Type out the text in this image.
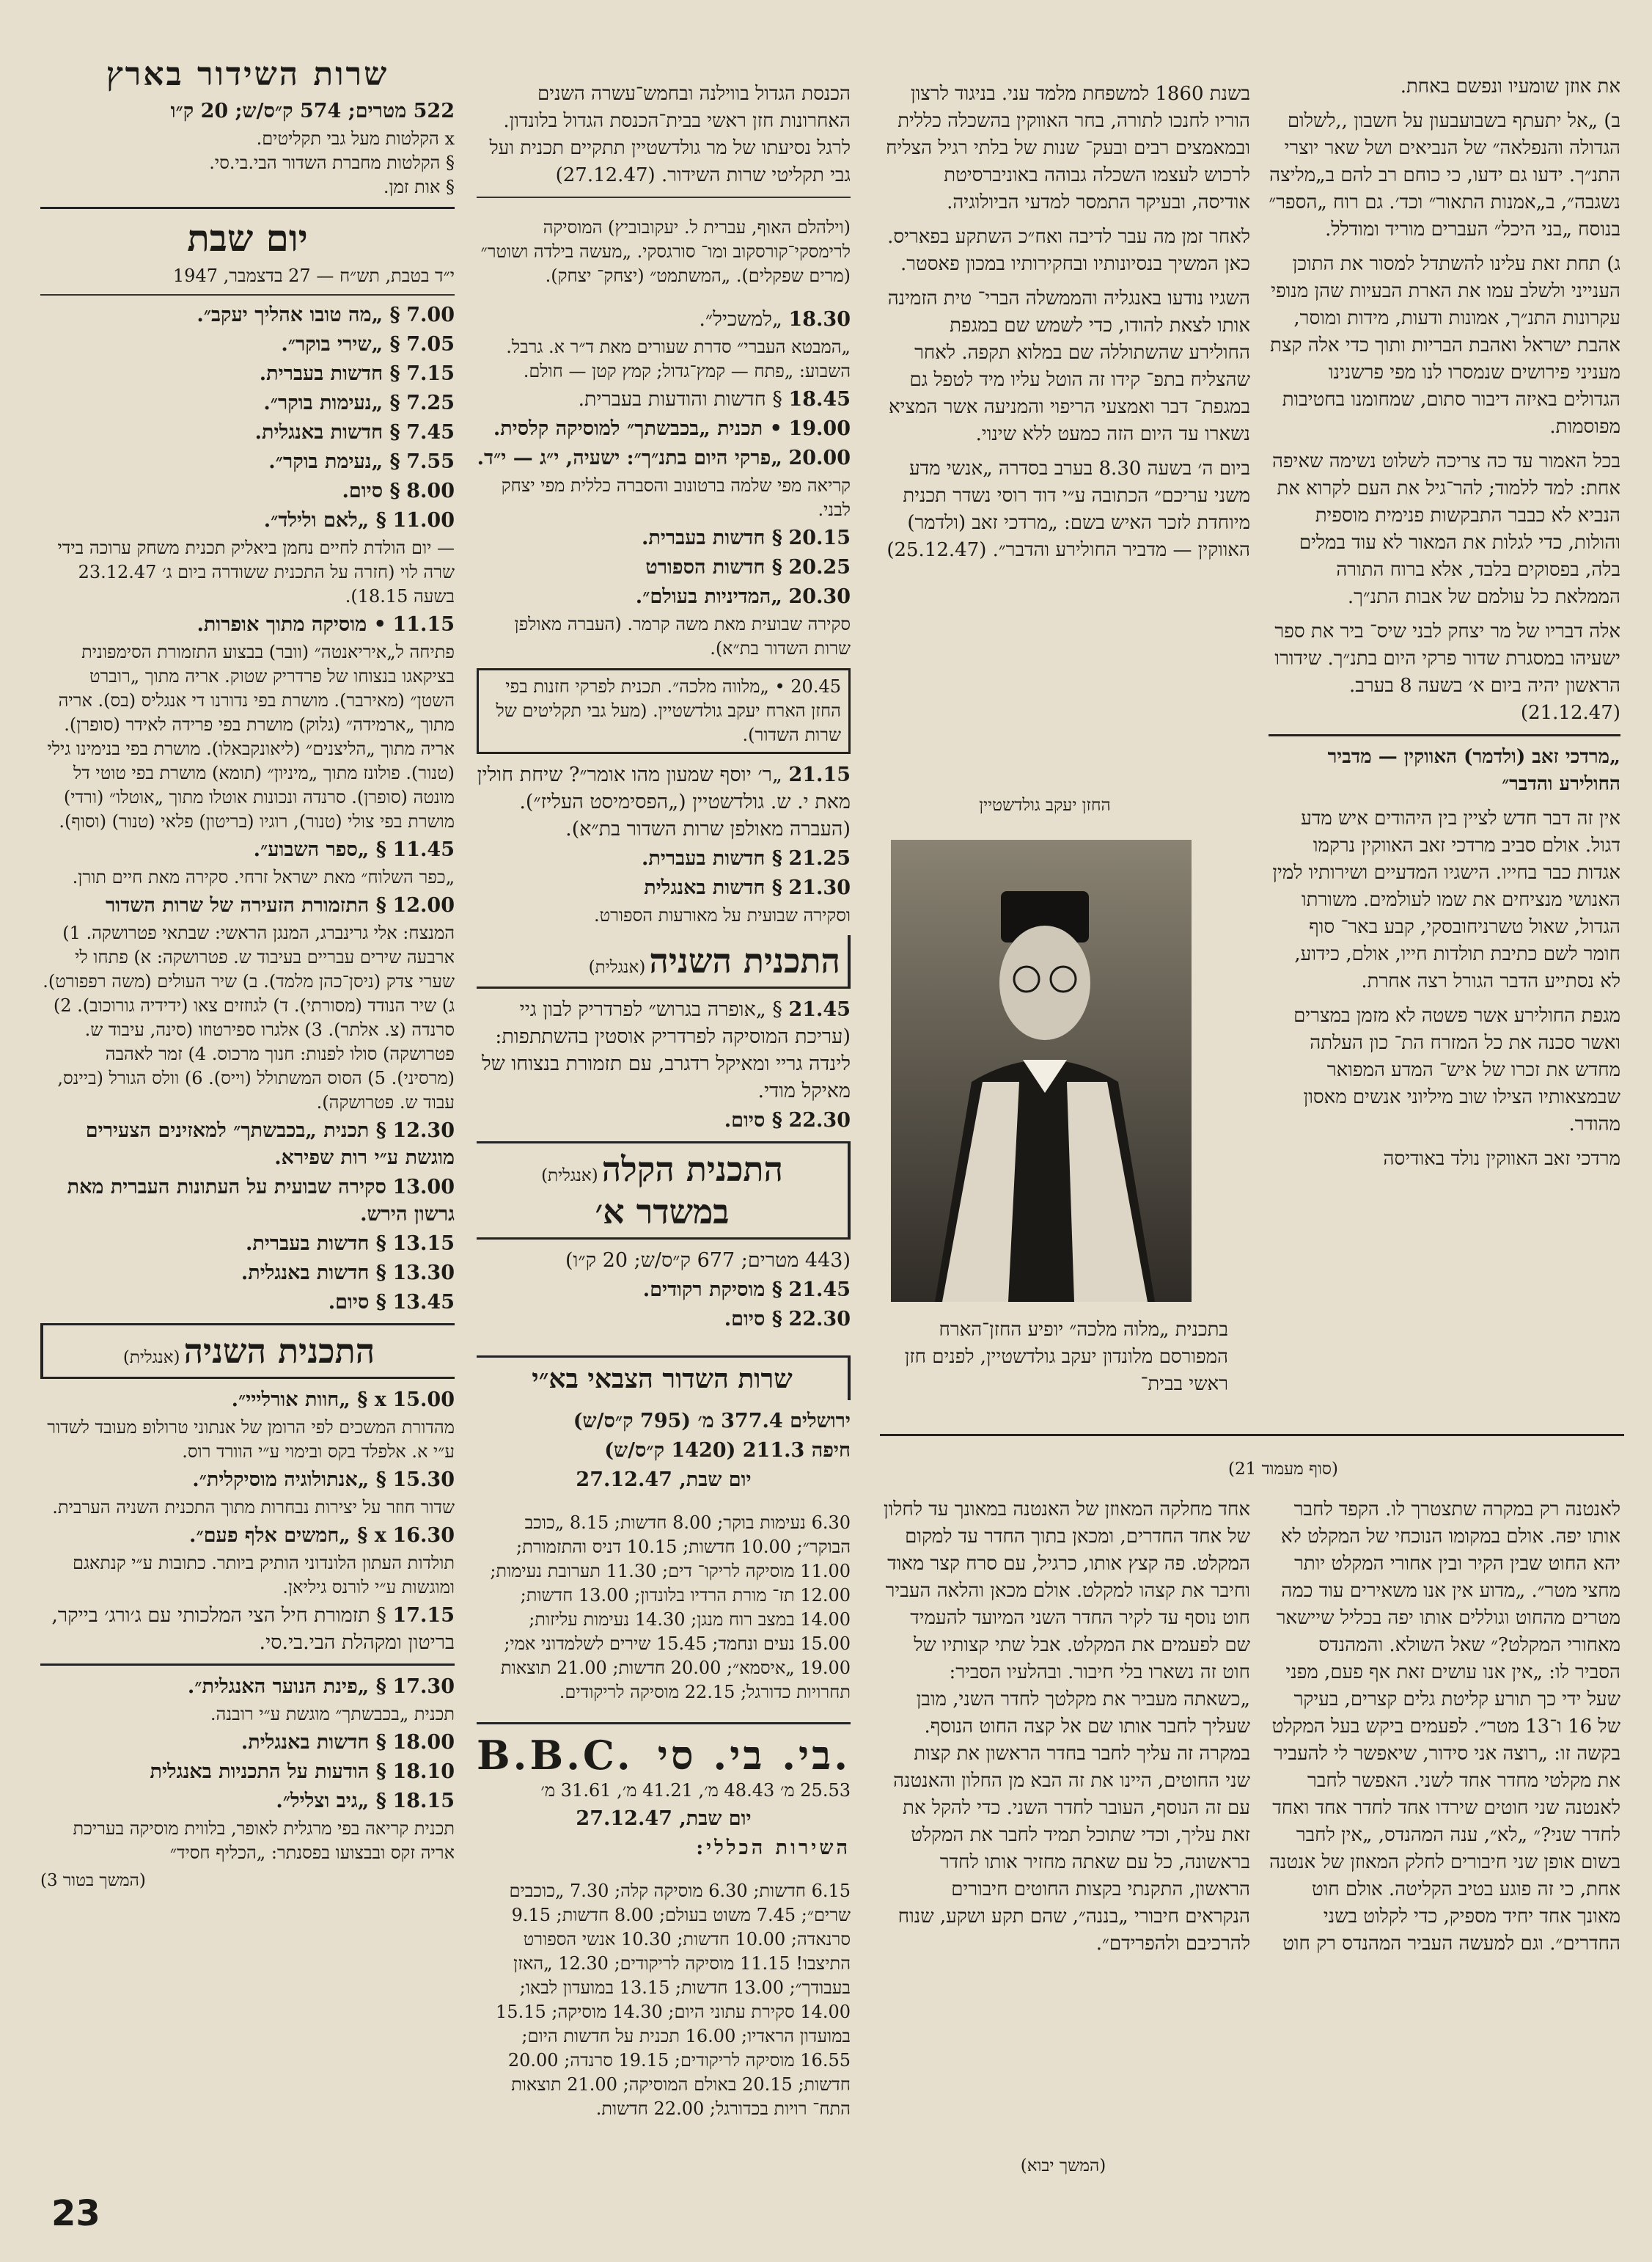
את אוזן שומעיו ונפשם באחת.

ב) „אל יתעתף בשבועבעון על חשבון ,,לשלום הגדולה והנפלאה״ של הנביאים ושל שאר יוצרי התנ״ך. ידעו גם ידעו, כי כוחם רב להם ב„מליצה נשגבה״, ב„אמנות התאור״ וכד׳. גם רוח „הספר״ בנוסח „בני היכל״ העברים מוריד ומודלל.

ג) תחת זאת עלינו להשתדל למסור את התוכן הענייני ולשלב עמו את הארת הבעיות שהן מנופי עקרונות התנ״ך, אמונות ודעות, מידות ומוסר, אהבת ישראל ואהבת הבריות ותוך כדי אלה קצת מעניני פירושים שנמסרו לנו מפי פרשנינו הגדולים באיזה דיבור סתום, שמחומנו בחטיבות מפוסמות.

בכל האמור עד כה צריכה לשלוט נשימה שאיפה אחת: למד ללמוד; להר־גיל את העם לקרוא את הנביא לא כבבר התבקשות פנימית מוספית והולות, כדי לגלות את המאור לא עוד במלים בלה, בפסוקים בלבד, אלא ברוח התורה הממלאת כל עולמם של אבות התנ״ך.

אלה דבריו של מר יצחק לבני שיס־ ביר את ספר ישעיהו במסגרת שדור פרקי היום בתנ״ך. שידורו הראשון יהיה ביום א׳ בשעה 8 בערב. (21.12.47)

„מרדכי זאב (ולדמר) האווקין — מדביר החולירע והדבר״

אין זה דבר חדש לציין בין היהודים איש מדע דגול. אולם סביב מרדכי זאב האווקין נרקמו אגדות כבר בחייו. הישגיו המדעיים ושירותיו למין האנושי מנציחים את שמו לעולמים. משורתו הגדול, שאול טשרניחובסקי, קבע באר־ סוף חומר לשם כתיבת תולדות חייו, אולם, כידוע, לא נסתייע הדבר הגורל רצה אחרת.

מגפת החולירע אשר פשטה לא מזמן במצרים ואשר סכנה את כל המזרח הת־ כון העלתה מחדש את זכרו של איש־ המדע המפואר שבמצאותיו הצילו שוב מיליוני אנשים מאסון מהודר.

מרדכי זאב האווקין נולד באודיסה

בשנת 1860 למשפחת מלמד עני. בניגוד לרצון הוריו לחנכו לתורה, בחר האווקין בהשכלה כללית ובמאמצים רבים ובעק־ שנות של בלתי רגיל הצליח לרכוש לעצמו השכלה גבוהה באוניברסיטת אודיסה, ובעיקר התמסר למדעי הביולוגיה.

לאחר זמן מה עבר לדיבה ואח״כ השתקע בפאריס. כאן המשיך בנסיונותיו ובחקירותיו במכון פאסטר.

השגיו נודעו באנגליה והממשלה הברי־ טית הזמינה אותו לצאת להודו, כדי לשמש שם במגפת החולירע שהשתוללה שם במלוא תקפה. לאחר שהצליח בתפ־ קידו זה הוטל עליו מיד לטפל גם במגפת־ דבר ואמצעי הריפוי והמניעה אשר המציא נשארו עד היום הזה כמעט ללא שינוי.

ביום ה׳ בשעה 8.30 בערב בסדרה „אנשי מדע משני עריכם״ הכתובה ע״י דוד רוסי נשדר תכנית מיוחדת לזכר האיש בשם: „מרדכי זאב (ולדמר) האווקין — מדביר החולירע והדבר״. (25.12.47)

החזן יעקב גולדשטיין

בתכנית „מלוה מלכה״ יופיע החזן־הארח המפורסם מלונדון יעקב גולדשטיין, לפנים חזן ראשי בבית־

הכנסת הגדול בווילנה ובחמש־עשרה השנים האחרונות חזן ראשי בבית־הכנסת הגדול בלונדון. לרגל נסיעתו של מר גולדשטיין תתקיים תכנית ועל גבי תקליטי שרות השידור. (27.12.47)

(וילהלם האוף, עברית ל. יעקובוביץ) המוסיקה לרימסקי־קורסקוב ומו־ סורגסקי. „מעשה בילדה ושוטר״ (מרים שפקלים). „המשתמט״ (יצחק־ יצחק).

18.30 „למשכיל״.
„המבטא העברי״ סדרת שעורים מאת ד״ר א. גרבל. השבוע: „פתח — קמץ־גדול; קמץ קטן — חולם.
18.45 § חדשות והודעות בעברית.
19.00 • תכנית „בכבשתך״ למוסיקה קלסית.
20.00 „פרקי היום בתנ״ך״: ישעיה, י״ג — י״ד.
קריאה מפי שלמה ברטונוב והסברה כללית מפי יצחק לבני.
20.15 § חדשות בעברית.
20.25 § חדשות הספורט
20.30 „המדיניות בעולם״.
סקירה שבועית מאת משה קרמר. (העברה מאולפן שרות השדור בת״א).
20.45 • „מלווה מלכה״. תכנית לפרקי חזנות בפי החזן הארח יעקב גולדשטיין. (מעל גבי תקליטים של שרות השדור).
21.15 „ר׳ יוסף שמעון מהו אומר״? שיחת חולין מאת י. ש. גולדשטיין („הפסימיסט העליז״). (העברה מאולפן שרות השדור בת״א).
21.25 § חדשות בעברית.
21.30 § חדשות באנגלית
וסקירה שבועית על מאורעות הספורט.
התכנית השניה (אנגלית)
21.45 § „אופרה בגרוש״ לפרדריק לבון גיי (עריכת המוסיקה לפרדריק אוסטין בהשתתפות: לינדה גריי ומאיקל רדגרב, עם תזמורת בנצוחו של מאיקל מודי.
22.30 § סיום.
התכנית הקלה (אנגלית)
במשדר א׳
(443 מטרים; 677 ק״ס/ש; 20 ק״ו)
21.45 § מוסיקת רקודים.
22.30 § סיום.
שרות השדור הצבאי בא״י
ירושלים 377.4 מ׳ (795 ק״ס/ש)
חיפה 211.3 (1420 ק״ס/ש)
יום שבת, 27.12.47

6.30 נעימות בוקר; 8.00 חדשות; 8.15 „כוכב הבוקר״; 10.00 חדשות; 10.15 דניס והתזמורת; 11.00 מוסיקה לריקו־ דים; 11.30 תערובת נעימות; 12.00 תז־ מורת הרדיו בלונדון; 13.00 חדשות; 14.00 במצב רוח מנגן; 14.30 נעימות עליזות; 15.00 נעים ונחמד; 15.45 שירים לשלמדוני אמי; 19.00 „איסמא״; 20.00 חדשות; 21.00 תוצאות תחרויות כדורגל; 22.15 מוסיקה לריקודים.

בי. בי. סי.
B.B.C.
25.53 מ׳ 48.43 מ׳, 41.21 מ׳, 31.61 מ׳
יום שבת, 27.12.47
השירות הכללי:

6.15 חדשות; 6.30 מוסיקה קלה; 7.30 „כוכבים שרים״; 7.45 משוט בעולם; 8.00 חדשות; 9.15 סרנאדה; 10.00 חדשות; 10.30 אנשי הספורט התיצבו! 11.15 מוסיקה לריקודים; 12.30 „האזן בעבודך״; 13.00 חדשות; 13.15 במועדון לבאו; 14.00 סקירת עתוני היום; 14.30 מוסיקה; 15.15 במועדון הראדיו; 16.00 תכנית על חדשות היום; 16.55 מוסיקה לריקודים; 19.15 סרנדה; 20.00 חדשות; 20.15 באולם המוסיקה; 21.00 תוצאות התח־ רויות בכדורגל; 22.00 חדשות.

שרות השידור בארץ
522 מטרים; 574 ק״ס/ש; 20 ק״ו
x הקלטות מעל גבי תקליטים.
§ הקלטות מחברת השדור הבי.בי.סי.
§ אות זמן.
יום שבת
י״ד בטבת, תש״ח — 27 בדצמבר, 1947
7.00 § „מה טובו אהליך יעקב״.
7.05 § „שירי בוקר״.
7.15 § חדשות בעברית.
7.25 § „נעימות בוקר״.
7.45 § חדשות באנגלית.
7.55 § „נעימת בוקר״.
8.00 § סיום.
11.00 § „לאם ולילד״.
— יום הולדת לחיים נחמן ביאליק תכנית משחק ערוכה בידי שרה לוי (חזרה על התכנית ששודרה ביום ג׳ 23.12.47 בשעה 18.15).
11.15 • מוסיקה מתוך אופרות.
פתיחה ל„איריאנטה״ (וובר) בבצוע התזמורת הסימפונית בציקאגו בנצוחו של פרדריק שטוק. אריה מתוך „רוברט השטן״ (מאירבר). מושרת בפי נדורנו די אנגליס (בס). אריה מתוך „ארמידה״ (גלוק) מושרת בפי פרידה לאידר (סופרן). אריה מתוך „הליצנים״ (ליאונקבאלו). מושרת בפי בנימינו גילי (טנור). פולונז מתוך „מיניון״ (תומא) מושרת בפי טוטי דל מונטה (סופרן). סרנדה ונכונות אוטלו מתוך „אוטלו״ (ורדי) מושרת בפי צולי (טנור), רוגיו (בריטון) פלאי (טנור) (וסוף).
11.45 § „ספר השבוע״.
„כפר השלוח״ מאת ישראל זרחי. סקירה מאת חיים תורן.
12.00 § התזמורת הזעירה של שרות השדור
המנצח: אלי גרינברג, המנגן הראשי: שבתאי פטרושקה. 1) ארבעה שירים עבריים בעיבוד ש. פטרושקה: א) פתחו לי שערי צדק (ניסן־כהן מלמד). ב) שיר העולים (משה רפפורט). ג) שיר הנודד (מסורתי). ד) לגוזזים צאו (ידידיה גורוכוב). 2) סרנדה (צ. אלתר). 3) אלגרו ספירטוזו (סינה, עיבוד ש. פטרושקה) סולו לפנות: חנוך מרכוס. 4) זמר לאהבה (מרסיני). 5) הסוס המשתולל (וייס). 6) וולס הגורל (ביינס, עבוד ש. פטרושקה).
12.30 § תכנית „בכבשתך״ למאזינים הצעירים מוגשת ע״י רות שפירא.
13.00 סקירה שבועית על העתונות העברית מאת גרשון הירש.
13.15 § חדשות בעברית.
13.30 § חדשות באנגלית.
13.45 § סיום.
התכנית השניה (אנגלית)
15.00 x § „חוות אורלייי״.
מהדורת המשכים לפי הרומן של אנתוני טרולופ מעובד לשדור ע״י א. אלפלד בקס ובימוי ע״י הוורד רוס.
15.30 § „אנתולוגיה מוסיקלית״.
שדור חוזר על יצירות נבחרות מתוך התכנית השניה הערבית.
16.30 x § „חמשים אלף פעם״.
תולדות העתון הלונדוני הותיק ביותר. כתובות ע״י קנתאגם ומוגשות ע״י לורנס גיליאן.
17.15 § תזמורת חיל הצי המלכותי עם ג׳ורג׳ בייקר, בריטון ומקהלת הבי.בי.סי.
17.30 § „פינת הנוער האנגלית״.
תכנית „בכבשתך״ מוגשת ע״י רובנה.
18.00 § חדשות באנגלית.
18.10 § הודעות על התכניות באנגלית
18.15 § „גיב וצליל״.
תכנית קריאה בפי מרגלית לאופר, בלווית מוסיקה בעריכת אריה זקס ובבצועו בפסנתר: „הכליף חסיד״
(המשך בטור 3)
(סוף מעמוד 21)

לאנטנה רק במקרה שתצטרך לו. הקפד לחבר אותו יפה. אולם במקומו הנוכחי של המקלט לא יהא החוט שבין הקיר ובין אחורי המקלט יותר מחצי מטר״. „מדוע אין אנו משאירים עוד כמה מטרים מהחוט וגוללים אותו יפה בכליל שיישאר מאחורי המקלט?״ שאל השולא. והמהנדס הסביר לו: „אין אנו עושים זאת אף פעם, מפני שעל ידי כך תורע קליטת גלים קצרים, בעיקר של 16 ו־13 מטר״. לפעמים ביקש בעל המקלט בקשה זו: „רוצה אני סידור, שיאפשר לי להעביר את מקלטי מחדר אחד לשני. האפשר לחבר לאנטנה שני חוטים שירדו אחד לחדר אחד ואחד לחדר שני?״ „לא״, ענה המהנדס, „אין לחבר בשום אופן שני חיבורים לחלק המאוזן של אנטנה אחת, כי זה פוגע בטיב הקליטה. אולם חוט מאונך אחד יחיד מספיק, כדי לקלוט בשני החדרים״. וגם למעשה העביר המהנדס רק חוט

אחד מחלקה המאוזן של האנטנה במאונך עד לחלון של אחד החדרים, ומכאן בתוך החדר עד למקום המקלט. פה קצץ אותו, כרגיל, עם סרח קצר מאוד וחיבר את קצהו למקלט. אולם מכאן והלאה העביר חוט נוסף עד לקיר החדר השני המיועד להעמיד שם לפעמים את המקלט. אבל שתי קצותיו של חוט זה נשארו בלי חיבור. ובהלעיו הסביר: „כשאתה מעביר את מקלטך לחדר השני, מובן שעליך לחבר אותו שם אל קצה החוט הנוסף. במקרה זה עליך לחבר בחדר הראשון את קצות שני החוטים, היינו את זה הבא מן החלון והאנטנה עם זה הנוסף, העובר לחדר השני. כדי להקל את זאת עליך, וכדי שתוכל תמיד לחבר את המקלט בראשונה, כל עם שאתה מחזיר אותו לחדר הראשון, התקנתי בקצות החוטים חיבורים הנקראים חיבורי „בננה״, שהם תקע ושקע, שנוח להרכיבם ולהפרידם״.

(המשך יבוא)
23
